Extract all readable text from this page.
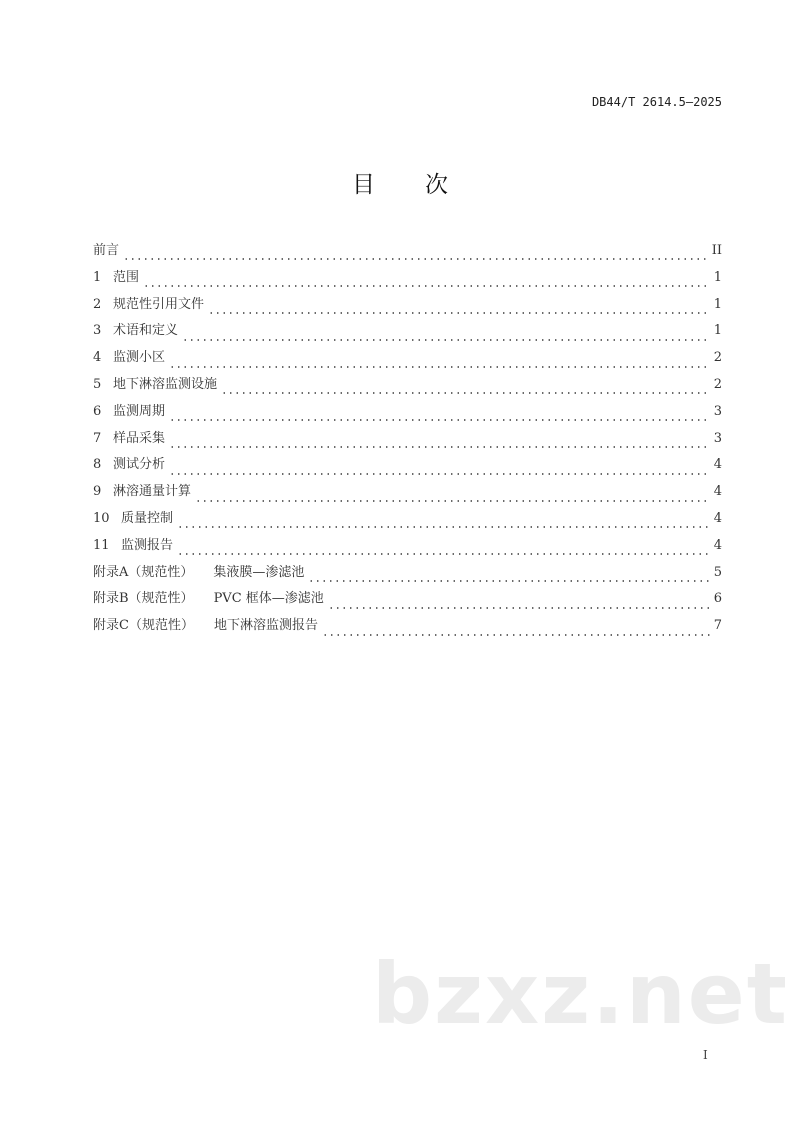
DB44/T 2614.5—2025
目次
前言	II
1 范围	1
2 规范性引用文件	1
3 术语和定义	1
4 监测小区	2
5 地下淋溶监测设施	2
6 监测周期	3
7 样品采集	3
8 测试分析	4
9 淋溶通量计算	4
10 质量控制	4
11 监测报告	4
附录A（规范性） 集液膜—渗滤池	5
附录B（规范性） PVC 框体—渗滤池	6
附录C（规范性） 地下淋溶监测报告	7
bzxz.net
I
